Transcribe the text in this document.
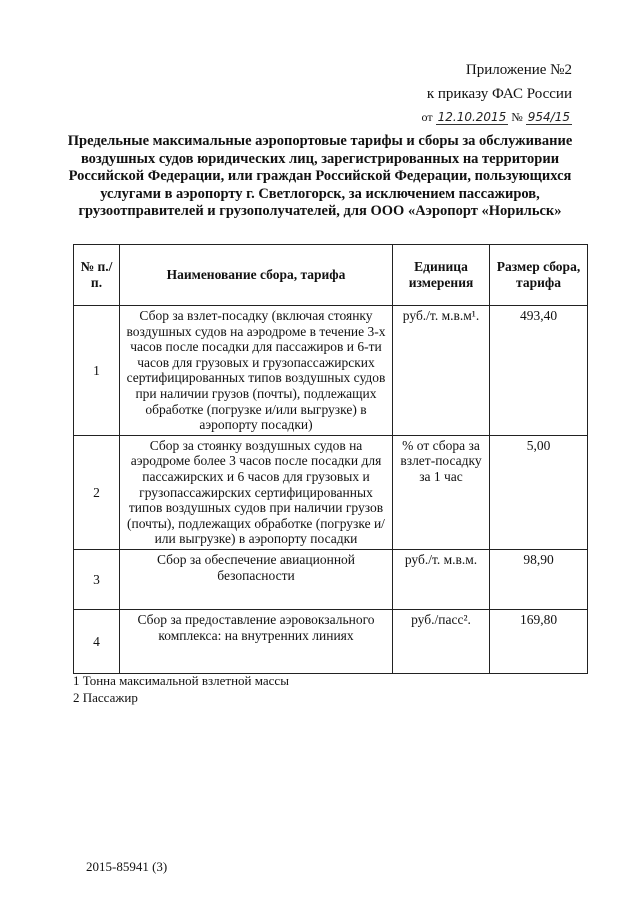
Приложение №2
к приказу ФАС России
от 12.10.2015 № 954/15
Предельные максимальные аэропортовые тарифы и сборы за обслуживание воздушных судов юридических лиц, зарегистрированных на территории Российской Федерации, или граждан Российской Федерации, пользующихся услугами в аэропорту г. Светлогорск, за исключением пассажиров, грузоотправителей и грузополучателей, для ООО «Аэропорт «Норильск»
№ п./п.	Наименование сбора, тарифа	Единица измерения	Размер сбора, тарифа
1	Сбор за взлет-посадку (включая стоянку воздушных судов на аэродроме в течение 3-х часов после посадки для пассажиров и 6-ти часов для грузовых и грузопассажирских сертифицированных типов воздушных судов при наличии грузов (почты), подлежащих обработке (погрузке и/или выгрузке) в аэропорту посадки)	руб./т. м.в.м¹.	493,40
2	Сбор за стоянку воздушных судов на аэродроме более 3 часов после посадки для пассажирских и 6 часов для грузовых и грузопассажирских сертифицированных типов воздушных судов при наличии грузов (почты), подлежащих обработке (погрузке и/или выгрузке) в аэропорту посадки	% от сбора за взлет-посадку за 1 час	5,00
3	Сбор за обеспечение авиационной безопасности	руб./т. м.в.м.	98,90
4	Сбор за предоставление аэровокзального комплекса: на внутренних линиях	руб./пасс².	169,80
1 Тонна максимальной взлетной массы
2 Пассажир
2015-85941 (3)
